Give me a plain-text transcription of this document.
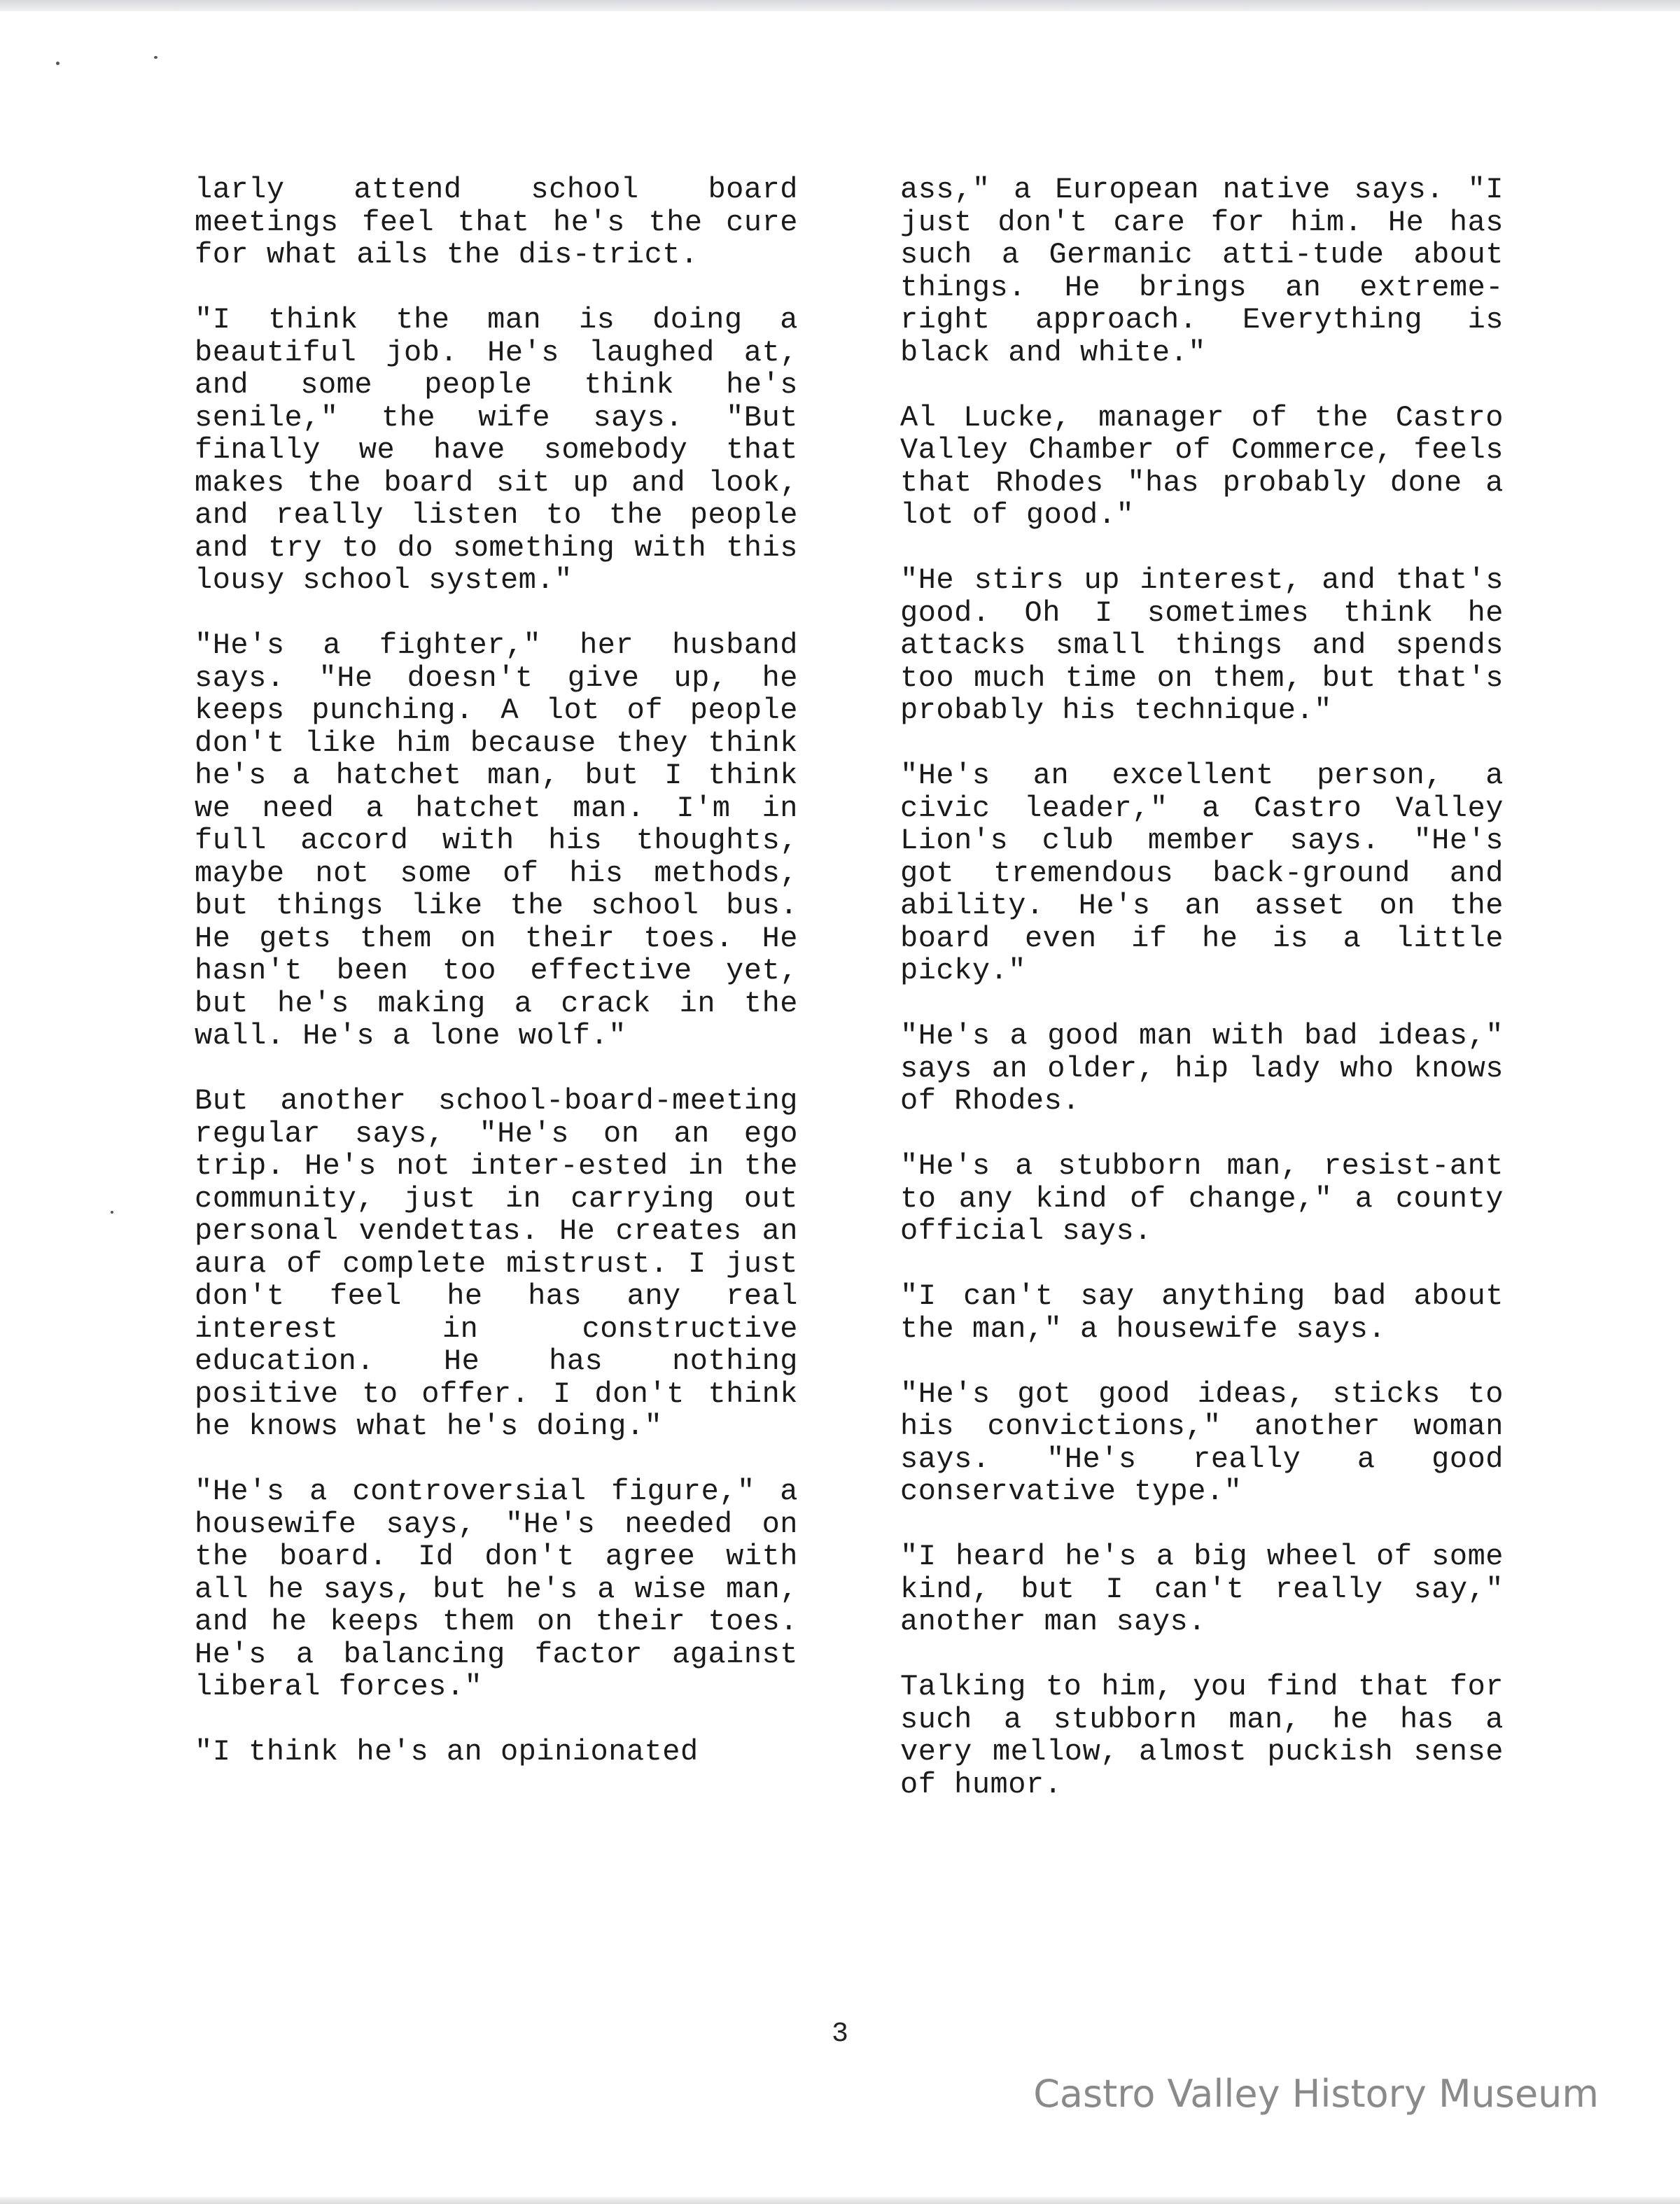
larly attend school board meetings feel that he's the cure for what ails the dis-trict.

"I think the man is doing a beautiful job. He's laughed at, and some people think he's senile," the wife says. "But finally we have somebody that makes the board sit up and look, and really listen to the people and try to do something with this lousy school system."

"He's a fighter," her husband says. "He doesn't give up, he keeps punching. A lot of people don't like him because they think he's a hatchet man, but I think we need a hatchet man. I'm in full accord with his thoughts, maybe not some of his methods, but things like the school bus. He gets them on their toes. He hasn't been too effective yet, but he's making a crack in the wall. He's a lone wolf."

But another school-board-meeting regular says, "He's on an ego trip. He's not inter-ested in the community, just in carrying out personal vendettas. He creates an aura of complete mistrust. I just don't feel he has any real interest in constructive education. He has nothing positive to offer. I don't think he knows what he's doing."

"He's a controversial figure," a housewife says, "He's needed on the board. Id don't agree with all he says, but he's a wise man, and he keeps them on their toes. He's a balancing factor against liberal forces."

"I think he's an opinionated

ass," a European native says. "I just don't care for him. He has such a Germanic atti-tude about things. He brings an extreme-right approach. Everything is black and white."

Al Lucke, manager of the Castro Valley Chamber of Commerce, feels that Rhodes "has probably done a lot of good."

"He stirs up interest, and that's good. Oh I sometimes think he attacks small things and spends too much time on them, but that's probably his technique."

"He's an excellent person, a civic leader," a Castro Valley Lion's club member says. "He's got tremendous back-ground and ability. He's an asset on the board even if he is a little picky."

"He's a good man with bad ideas," says an older, hip lady who knows of Rhodes.

"He's a stubborn man, resist-ant to any kind of change," a county official says.

"I can't say anything bad about the man," a housewife says.

"He's got good ideas, sticks to his convictions," another woman says. "He's really a good conservative type."

"I heard he's a big wheel of some kind, but I can't really say," another man says.

Talking to him, you find that for such a stubborn man, he has a very mellow, almost puckish sense of humor.

3
Castro Valley History Museum
